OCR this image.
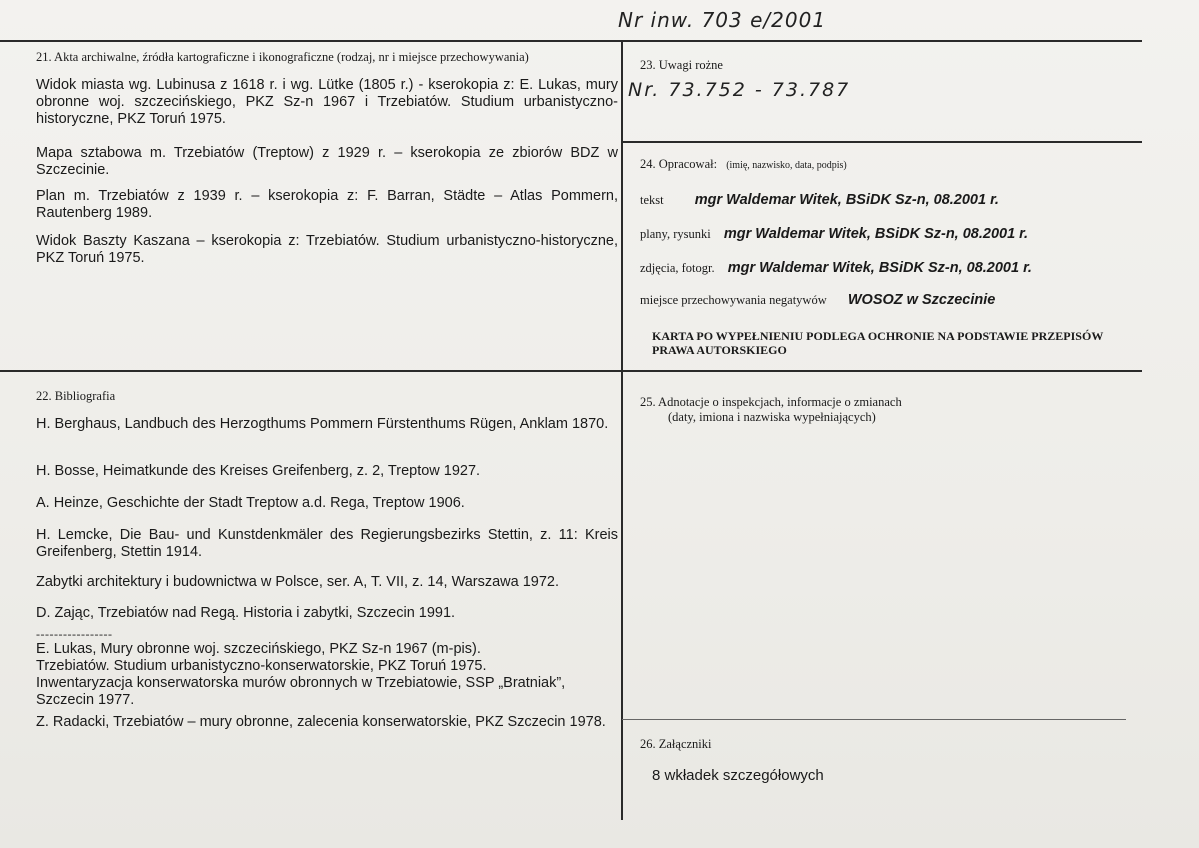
Nr inw. 703 e/2001
21. Akta archiwalne, źródła kartograficzne i ikonograficzne (rodzaj, nr i miejsce przechowywania)
Widok miasta wg. Lubinusa z 1618 r. i wg. Lütke (1805 r.) - kserokopia z: E. Lukas, mury obronne woj. szczecińskiego, PKZ Sz-n 1967 i Trzebiatów. Studium urbanistyczno-historyczne, PKZ Toruń 1975.
Mapa sztabowa m. Trzebiatów (Treptow) z 1929 r. – kserokopia ze zbiorów BDZ w Szczecinie.
Plan m. Trzebiatów z 1939 r. – kserokopia z: F. Barran, Städte – Atlas Pommern, Rautenberg 1989.
Widok Baszty Kaszana – kserokopia z: Trzebiatów. Studium urbanistyczno-historyczne, PKZ Toruń 1975.
23. Uwagi rożne
Nr. 73.752 - 73.787
24. Opracował: (imię, nazwisko, data, podpis)
tekst mgr Waldemar Witek, BSiDK Sz-n, 08.2001 r.
plany, rysunki mgr Waldemar Witek, BSiDK Sz-n, 08.2001 r.
zdjęcia, fotogr. mgr Waldemar Witek, BSiDK Sz-n, 08.2001 r.
miejsce przechowywania negatywów WOSOZ w Szczecinie
KARTA PO WYPEŁNIENIU PODLEGA OCHRONIE NA PODSTAWIE PRZEPISÓW PRAWA AUTORSKIEGO
22. Bibliografia
H. Berghaus, Landbuch des Herzogthums Pommern Fürstenthums Rügen, Anklam 1870.
H. Bosse, Heimatkunde des Kreises Greifenberg, z. 2, Treptow 1927.
A. Heinze, Geschichte der Stadt Treptow a.d. Rega, Treptow 1906.
H. Lemcke, Die Bau- und Kunstdenkmäler des Regierungsbezirks Stettin, z. 11: Kreis Greifenberg, Stettin 1914.
Zabytki architektury i budownictwa w Polsce, ser. A, T. VII, z. 14, Warszawa 1972.
D. Zając, Trzebiatów nad Regą. Historia i zabytki, Szczecin 1991.
-----------------
E. Lukas, Mury obronne woj. szczecińskiego, PKZ Sz-n 1967 (m-pis).
Trzebiatów. Studium urbanistyczno-konserwatorskie, PKZ Toruń 1975.
Inwentaryzacja konserwatorska murów obronnych w Trzebiatowie, SSP „Bratniak”, Szczecin 1977.
Z. Radacki, Trzebiatów – mury obronne, zalecenia konserwatorskie, PKZ Szczecin 1978.
25. Adnotacje o inspekcjach, informacje o zmianach
(daty, imiona i nazwiska wypełniających)
26. Załączniki
8 wkładek szczegółowych
